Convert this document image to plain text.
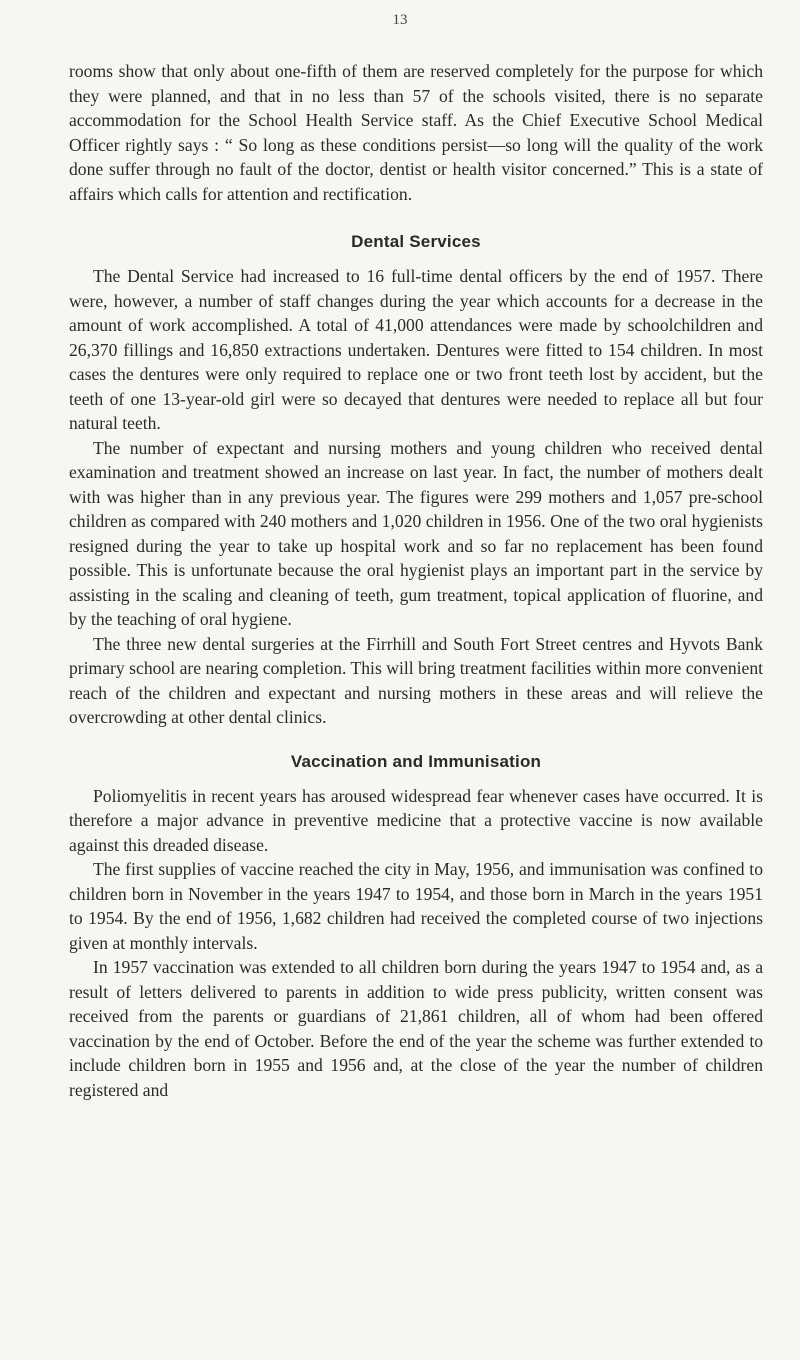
13

rooms show that only about one-fifth of them are reserved completely for the purpose for which they were planned, and that in no less than 57 of the schools visited, there is no separate accommodation for the School Health Service staff. As the Chief Executive School Medical Officer rightly says : “ So long as these conditions persist—so long will the quality of the work done suffer through no fault of the doctor, dentist or health visitor concerned.” This is a state of affairs which calls for attention and rectification.

Dental Services

The Dental Service had increased to 16 full-time dental officers by the end of 1957. There were, however, a number of staff changes during the year which accounts for a decrease in the amount of work accomplished. A total of 41,000 attendances were made by schoolchildren and 26,370 fillings and 16,850 extractions undertaken. Dentures were fitted to 154 children. In most cases the dentures were only required to replace one or two front teeth lost by accident, but the teeth of one 13-year-old girl were so decayed that dentures were needed to replace all but four natural teeth.

The number of expectant and nursing mothers and young children who received dental examination and treatment showed an increase on last year. In fact, the number of mothers dealt with was higher than in any previous year. The figures were 299 mothers and 1,057 pre-school children as compared with 240 mothers and 1,020 children in 1956. One of the two oral hygienists resigned during the year to take up hospital work and so far no replacement has been found possible. This is unfortunate because the oral hygienist plays an important part in the service by assisting in the scaling and cleaning of teeth, gum treatment, topical application of fluorine, and by the teaching of oral hygiene.

The three new dental surgeries at the Firrhill and South Fort Street centres and Hyvots Bank primary school are nearing completion. This will bring treatment facilities within more convenient reach of the children and expectant and nursing mothers in these areas and will relieve the overcrowding at other dental clinics.

Vaccination and Immunisation

Poliomyelitis in recent years has aroused widespread fear whenever cases have occurred. It is therefore a major advance in preventive medicine that a protective vaccine is now available against this dreaded disease.

The first supplies of vaccine reached the city in May, 1956, and immunisation was confined to children born in November in the years 1947 to 1954, and those born in March in the years 1951 to 1954. By the end of 1956, 1,682 children had received the completed course of two injections given at monthly intervals.

In 1957 vaccination was extended to all children born during the years 1947 to 1954 and, as a result of letters delivered to parents in addition to wide press publicity, written consent was received from the parents or guardians of 21,861 children, all of whom had been offered vaccination by the end of October. Before the end of the year the scheme was further extended to include children born in 1955 and 1956 and, at the close of the year the number of children registered and
